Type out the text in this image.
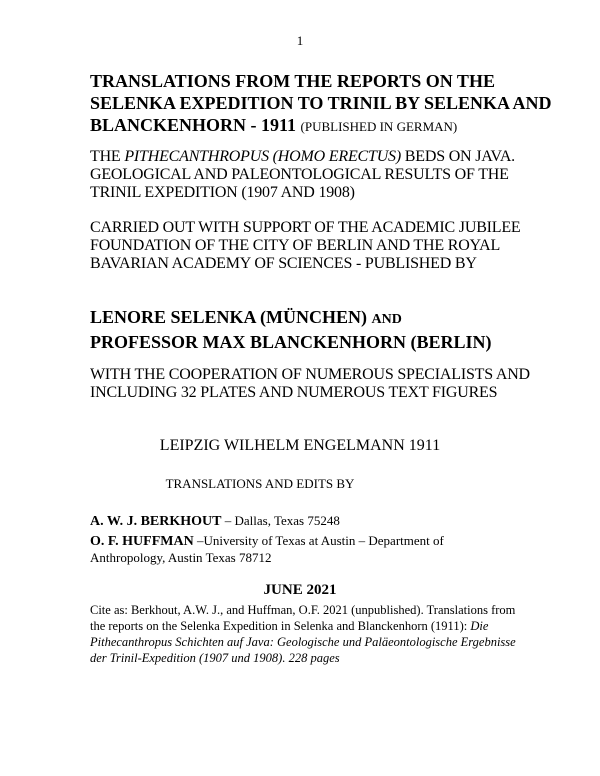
1
TRANSLATIONS FROM THE REPORTS ON THE SELENKA EXPEDITION TO TRINIL BY SELENKA AND BLANCKENHORN - 1911 (PUBLISHED IN GERMAN)
THE PITHECANTHROPUS (HOMO ERECTUS) BEDS ON JAVA. GEOLOGICAL AND PALEONTOLOGICAL RESULTS OF THE TRINIL EXPEDITION (1907 AND 1908)
CARRIED OUT WITH SUPPORT OF THE ACADEMIC JUBILEE FOUNDATION OF THE CITY OF BERLIN AND THE ROYAL BAVARIAN ACADEMY OF SCIENCES - PUBLISHED BY
LENORE SELENKA (MÜNCHEN) AND
PROFESSOR MAX BLANCKENHORN (BERLIN)
WITH THE COOPERATION OF NUMEROUS SPECIALISTS AND INCLUDING 32 PLATES AND NUMEROUS TEXT FIGURES
LEIPZIG WILHELM ENGELMANN 1911
TRANSLATIONS AND EDITS BY
A. W. J. BERKHOUT – Dallas, Texas 75248
O. F. HUFFMAN –University of Texas at Austin – Department of Anthropology, Austin Texas 78712
JUNE 2021
Cite as: Berkhout, A.W. J., and Huffman, O.F. 2021 (unpublished). Translations from the reports on the Selenka Expedition in Selenka and Blanckenhorn (1911): Die Pithecanthropus Schichten auf Java: Geologische und Paläeontologische Ergebnisse der Trinil-Expedition (1907 und 1908). 228 pages
